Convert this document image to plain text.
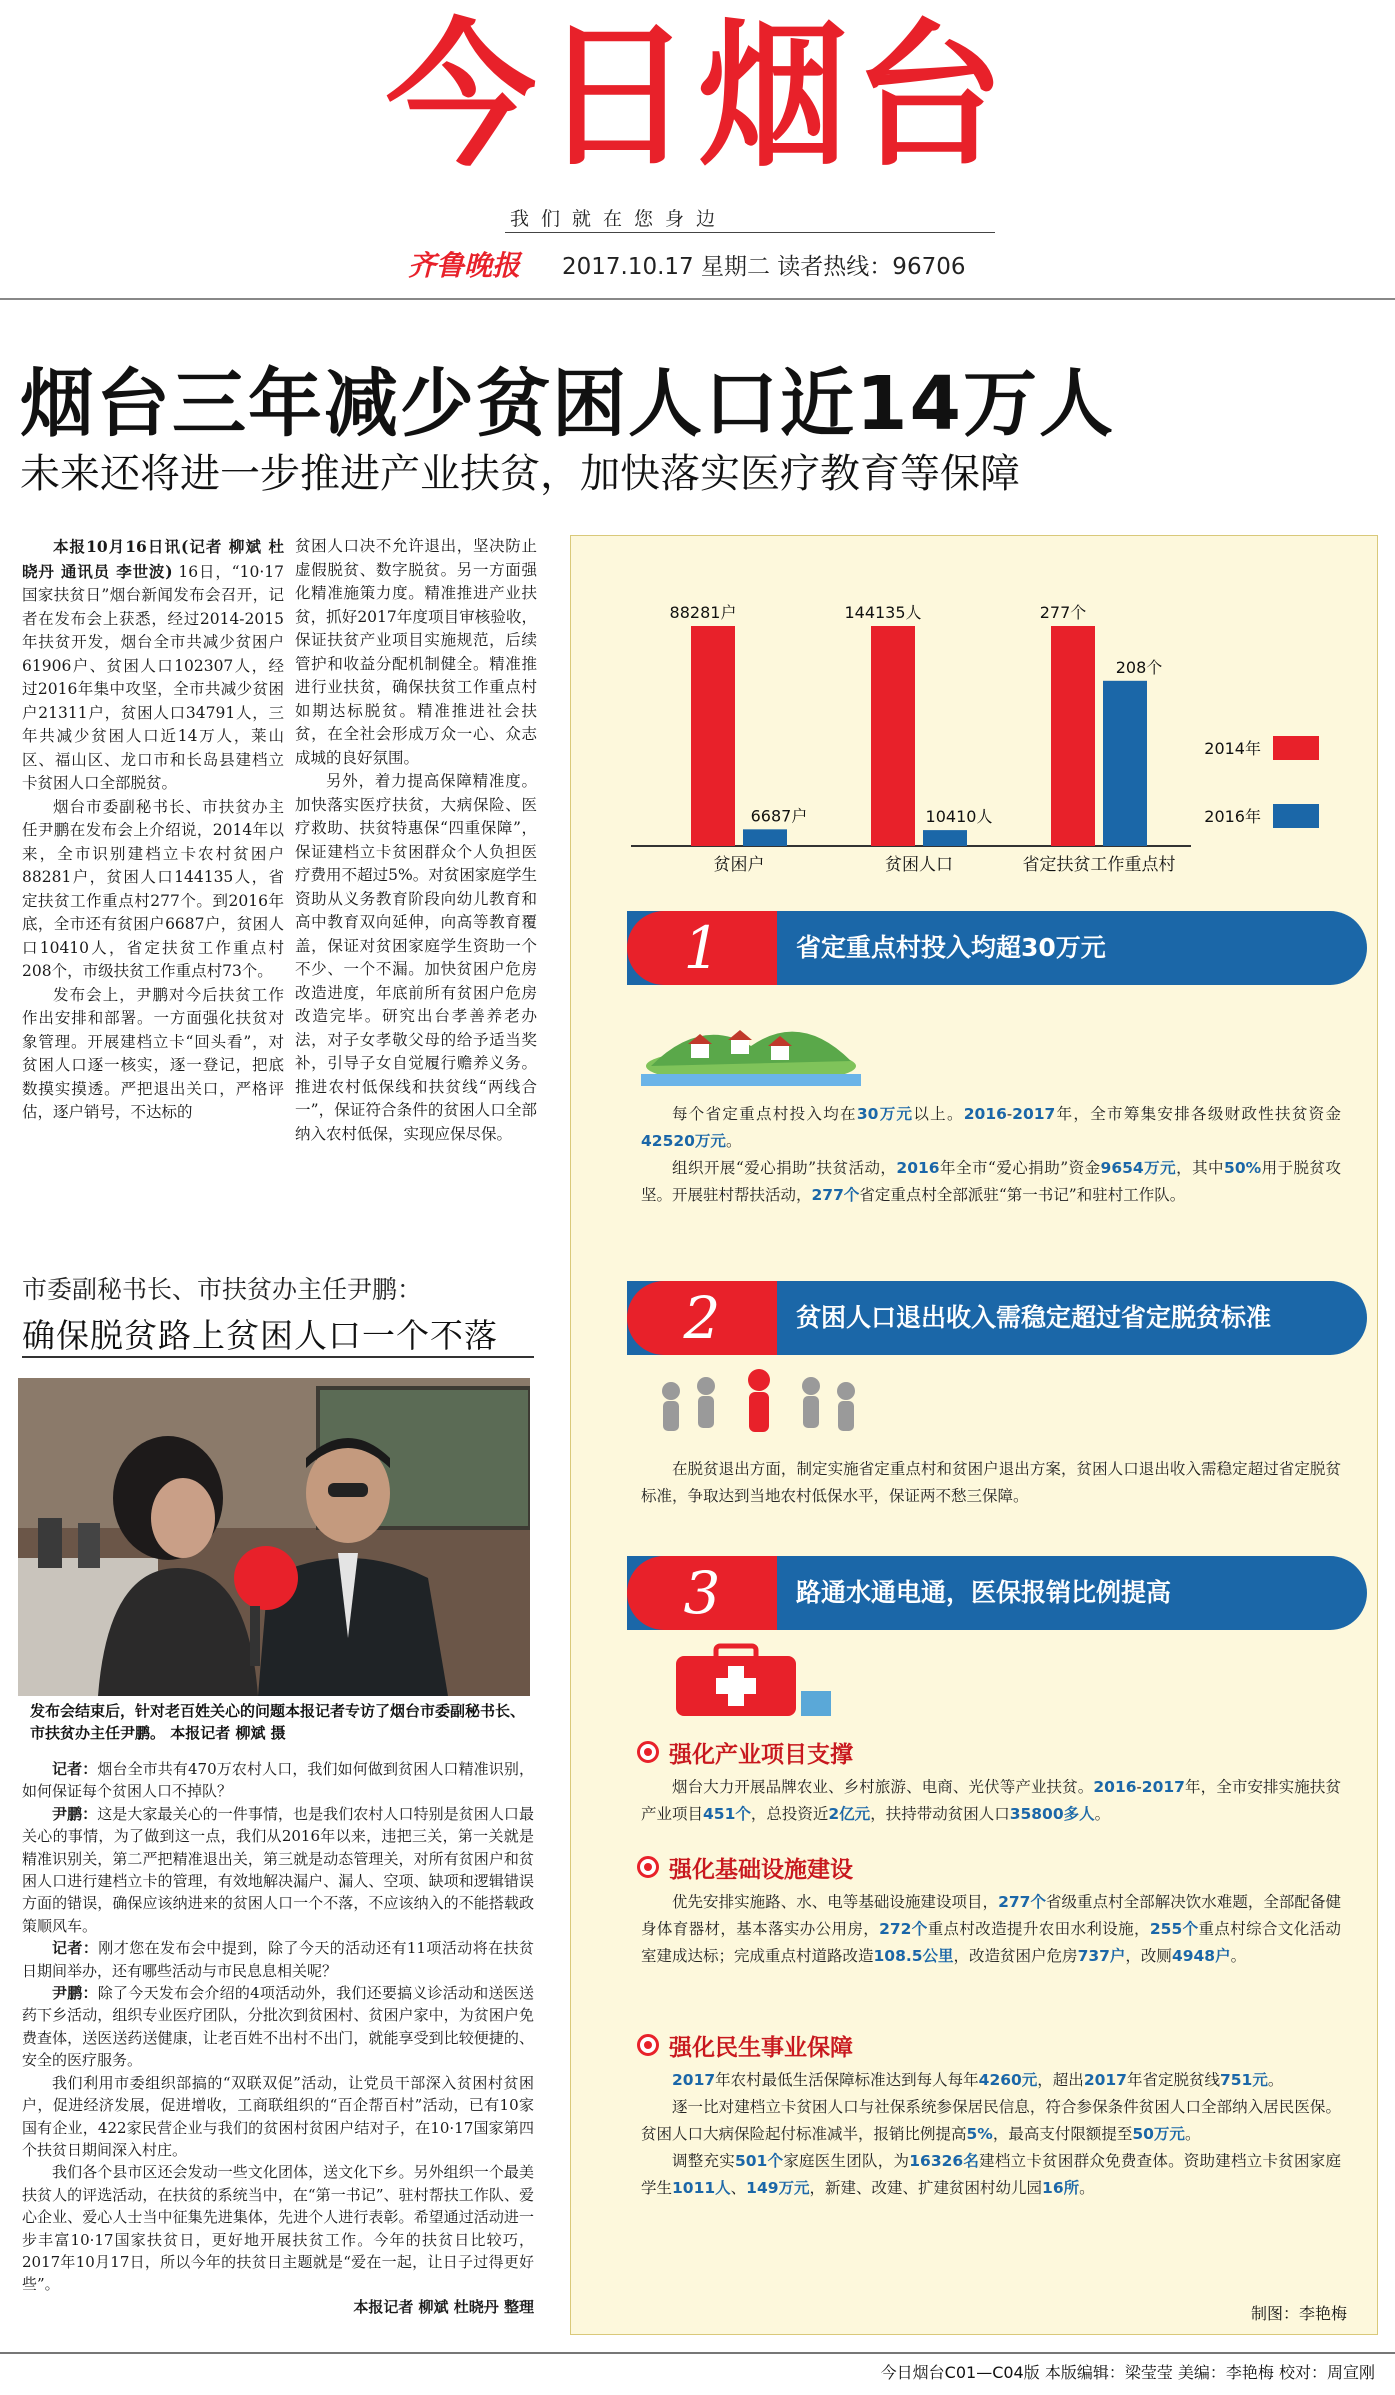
今日烟台
我们就在您身边
齐鲁晚报 2017.10.17 星期二 读者热线：96706
烟台三年减少贫困人口近14万人
未来还将进一步推进产业扶贫，加快落实医疗教育等保障

本报10月16日讯(记者 柳斌 杜晓丹 通讯员 李世波) 16日，“10·17国家扶贫日”烟台新闻发布会召开，记者在发布会上获悉，经过2014-2015年扶贫开发，烟台全市共减少贫困户61906户、贫困人口102307人，经过2016年集中攻坚，全市共减少贫困户21311户，贫困人口34791人，三年共减少贫困人口近14万人，莱山区、福山区、龙口市和长岛县建档立卡贫困人口全部脱贫。

烟台市委副秘书长、市扶贫办主任尹鹏在发布会上介绍说，2014年以来，全市识别建档立卡农村贫困户88281户，贫困人口144135人，省定扶贫工作重点村277个。到2016年底，全市还有贫困户6687户，贫困人口10410人，省定扶贫工作重点村208个，市级扶贫工作重点村73个。

发布会上，尹鹏对今后扶贫工作作出安排和部署。一方面强化扶贫对象管理。开展建档立卡“回头看”，对贫困人口逐一核实，逐一登记，把底数摸实摸透。严把退出关口，严格评估，逐户销号，不达标的

贫困人口决不允许退出，坚决防止虚假脱贫、数字脱贫。另一方面强化精准施策力度。精准推进产业扶贫，抓好2017年度项目审核验收，保证扶贫产业项目实施规范，后续管护和收益分配机制健全。精准推进行业扶贫，确保扶贫工作重点村如期达标脱贫。精准推进社会扶贫，在全社会形成万众一心、众志成城的良好氛围。

另外，着力提高保障精准度。加快落实医疗扶贫，大病保险、医疗救助、扶贫特惠保“四重保障”，保证建档立卡贫困群众个人负担医疗费用不超过5%。对贫困家庭学生资助从义务教育阶段向幼儿教育和高中教育双向延伸，向高等教育覆盖，保证对贫困家庭学生资助一个不少、一个不漏。加快贫困户危房改造进度，年底前所有贫困户危房改造完毕。研究出台孝善养老办法，对子女孝敬父母的给予适当奖补，引导子女自觉履行赡养义务。推进农村低保线和扶贫线“两线合一”，保证符合条件的贫困人口全部纳入农村低保，实现应保尽保。

市委副秘书长、市扶贫办主任尹鹏：
确保脱贫路上贫困人口一个不落
发布会结束后，针对老百姓关心的问题本报记者专访了烟台市委副秘书长、市扶贫办主任尹鹏。 本报记者 柳斌 摄

记者：烟台全市共有470万农村人口，我们如何做到贫困人口精准识别，如何保证每个贫困人口不掉队？

尹鹏：这是大家最关心的一件事情，也是我们农村人口特别是贫困人口最关心的事情，为了做到这一点，我们从2016年以来，违把三关，第一关就是精准识别关，第二严把精准退出关，第三就是动态管理关，对所有贫困户和贫困人口进行建档立卡的管理，有效地解决漏户、漏人、空项、缺项和逻辑错误方面的错误，确保应该纳进来的贫困人口一个不落，不应该纳入的不能搭载政策顺风车。

记者：刚才您在发布会中提到，除了今天的活动还有11项活动将在扶贫日期间举办，还有哪些活动与市民息息相关呢？

尹鹏：除了今天发布会介绍的4项活动外，我们还要搞义诊活动和送医送药下乡活动，组织专业医疗团队，分批次到贫困村、贫困户家中，为贫困户免费查体，送医送药送健康，让老百姓不出村不出门，就能享受到比较便捷的、安全的医疗服务。

我们利用市委组织部搞的“双联双促”活动，让党员干部深入贫困村贫困户，促进经济发展，促进增收，工商联组织的“百企帮百村”活动，已有10家国有企业，422家民营企业与我们的贫困村贫困户结对子，在10·17国家第四个扶贫日期间深入村庄。

我们各个县市区还会发动一些文化团体，送文化下乡。另外组织一个最美扶贫人的评选活动，在扶贫的系统当中，在“第一书记”、驻村帮扶工作队、爱心企业、爱心人士当中征集先进集体，先进个人进行表彰。希望通过活动进一步丰富10·17国家扶贫日，更好地开展扶贫工作。今年的扶贫日比较巧，2017年10月17日，所以今年的扶贫日主题就是“爱在一起，让日子过得更好些”。

本报记者 柳斌 杜晓丹 整理

88281户
6687户
贫困户
144135人
10410人
贫困人口
277个
208个
省定扶贫工作重点村
2014年
2016年
1	省定重点村投入均超30万元

每个省定重点村投入均在30万元以上。2016-2017年，全市筹集安排各级财政性扶贫资金42520万元。

组织开展“爱心捐助”扶贫活动，2016年全市“爱心捐助”资金9654万元，其中50%用于脱贫攻坚。开展驻村帮扶活动，277个省定重点村全部派驻“第一书记”和驻村工作队。

2	贫困人口退出收入需稳定超过省定脱贫标准

在脱贫退出方面，制定实施省定重点村和贫困户退出方案，贫困人口退出收入需稳定超过省定脱贫标准，争取达到当地农村低保水平，保证两不愁三保障。

3	路通水通电通，医保报销比例提高
强化产业项目支撑

烟台大力开展品牌农业、乡村旅游、电商、光伏等产业扶贫。2016-2017年，全市安排实施扶贫产业项目451个，总投资近2亿元，扶持带动贫困人口35800多人。

强化基础设施建设

优先安排实施路、水、电等基础设施建设项目，277个省级重点村全部解决饮水难题，全部配备健身体育器材，基本落实办公用房，272个重点村改造提升农田水利设施，255个重点村综合文化活动室建成达标；完成重点村道路改造108.5公里，改造贫困户危房737户，改厕4948户。

强化民生事业保障

2017年农村最低生活保障标准达到每人每年4260元，超出2017年省定脱贫线751元。

逐一比对建档立卡贫困人口与社保系统参保居民信息，符合参保条件贫困人口全部纳入居民医保。贫困人口大病保险起付标准减半，报销比例提高5%，最高支付限额提至50万元。

调整充实501个家庭医生团队，为16326名建档立卡贫困群众免费查体。资助建档立卡贫困家庭学生1011人、149万元，新建、改建、扩建贫困村幼儿园16所。

制图：李艳梅
今日烟台C01—C04版 本版编辑：梁莹莹 美编：李艳梅 校对：周宣刚
